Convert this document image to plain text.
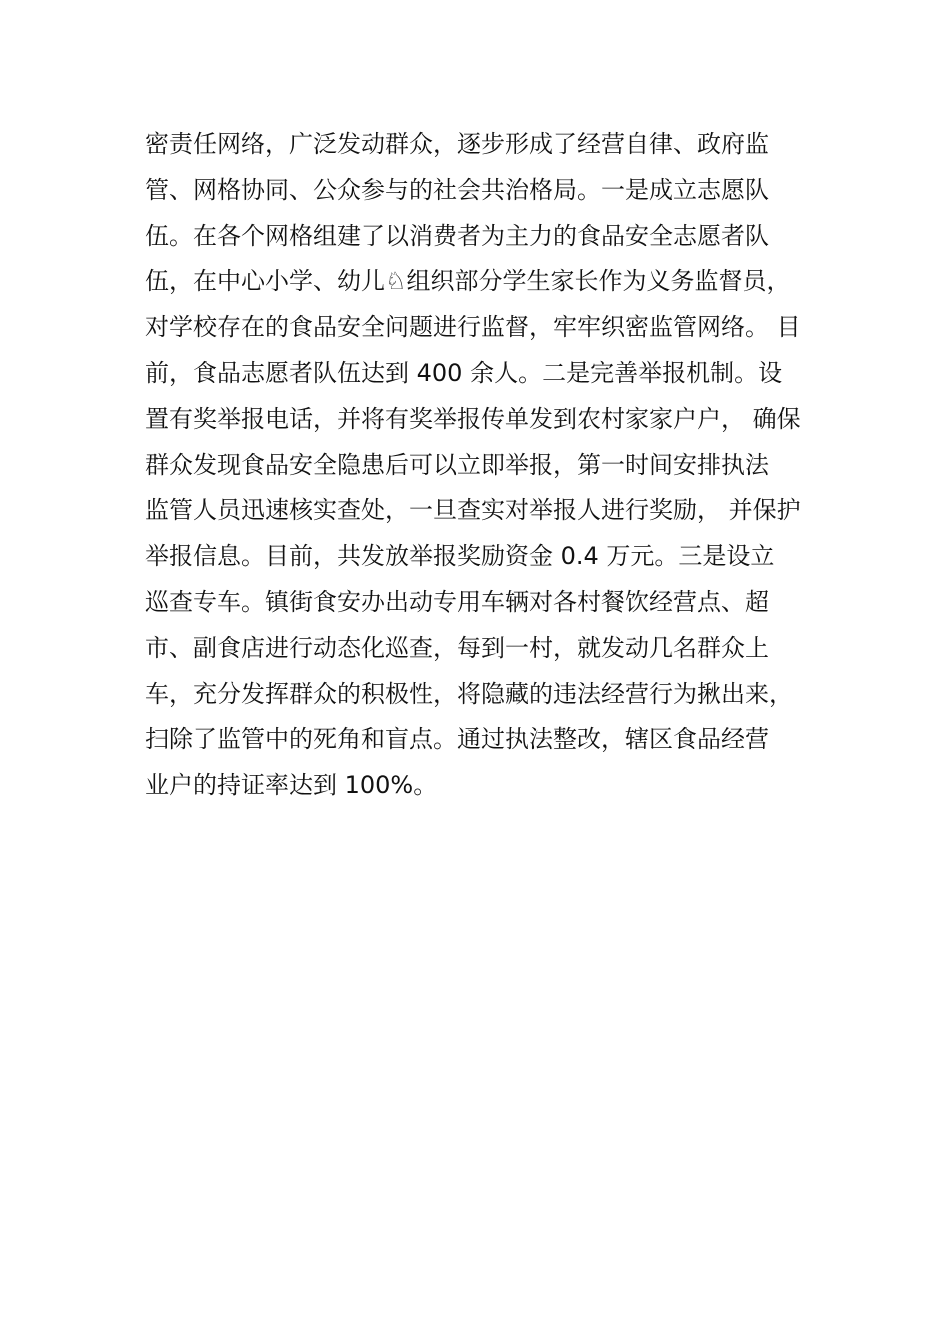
密责任网络，广泛发动群众，逐步形成了经营自律、政府监
管、网格协同、公众参与的社会共治格局。一是成立志愿队
伍。在各个网格组建了以消费者为主力的食品安全志愿者队
伍，在中心小学、幼儿♘组织部分学生家长作为义务监督员，
对学校存在的食品安全问题进行监督，牢牢织密监管网络。 目
前，食品志愿者队伍达到 400 余人。二是完善举报机制。设
置有奖举报电话，并将有奖举报传单发到农村家家户户， 确保
群众发现食品安全隐患后可以立即举报，第一时间安排执法
监管人员迅速核实查处，一旦查实对举报人进行奖励， 并保护
举报信息。目前，共发放举报奖励资金 0.4 万元。三是设立
巡查专车。镇街食安办出动专用车辆对各村餐饮经营点、超
市、副食店进行动态化巡查，每到一村，就发动几名群众上
车，充分发挥群众的积极性，将隐藏的违法经营行为揪出来，
扫除了监管中的死角和盲点。通过执法整改，辖区食品经营
业户的持证率达到 100%。
